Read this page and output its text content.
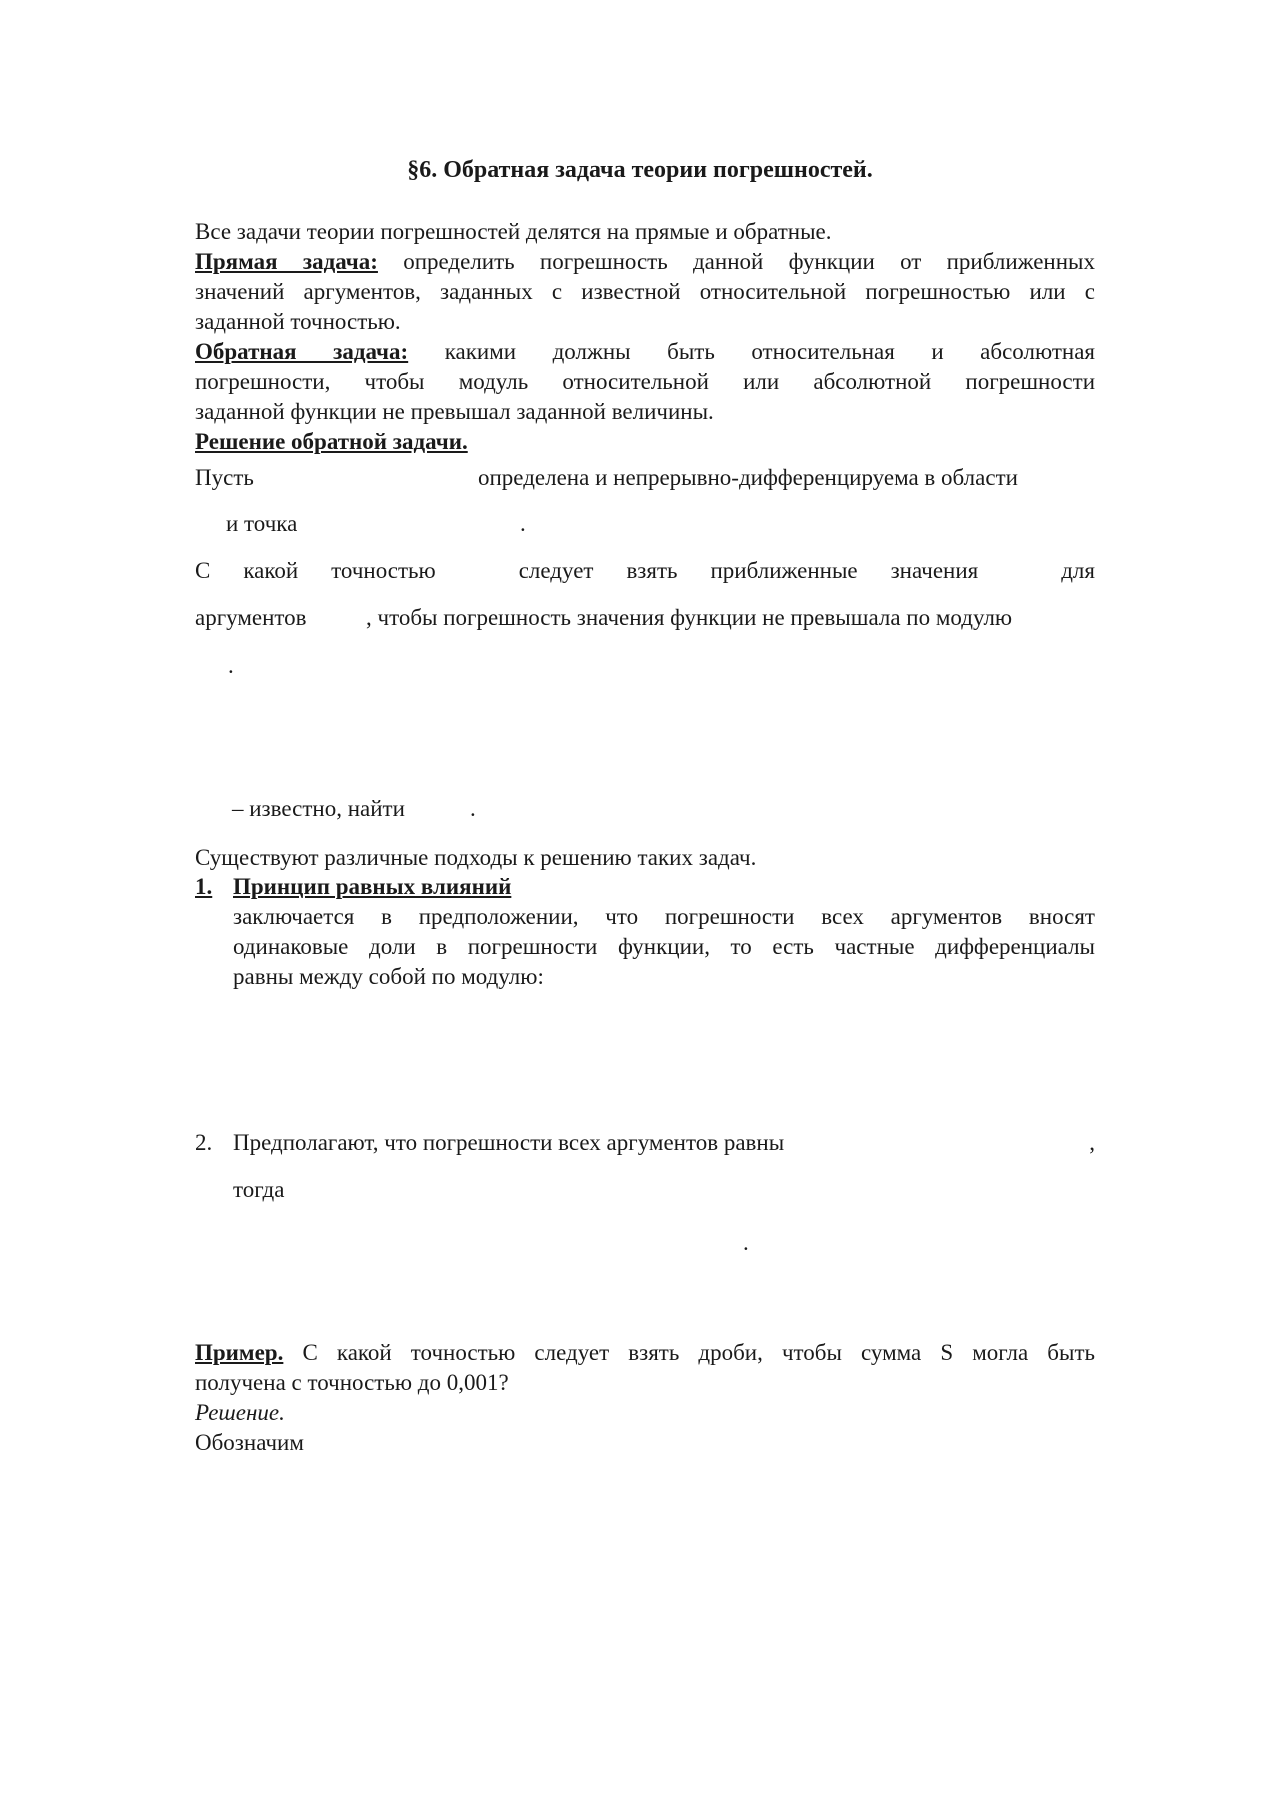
§6. Обратная задача теории погрешностей.
Все задачи теории погрешностей делятся на прямые и обратные.
Прямая задача: определить погрешность данной функции от приближенных
значений аргументов, заданных с известной относительной погрешностью или с
заданной точностью.
Обратная задача: какими должны быть относительная и абсолютная
погрешности, чтобы модуль относительной или абсолютной погрешности
заданной функции не превышал заданной величины.
Решение обратной задачи.
Пусть	определена и непрерывно-дифференцируема в области
и точка	.
С какой точностью	следует взять приближенные значения	для
аргументов	, чтобы погрешность значения функции не превышала по модулю
.
– известно, найти	.
Существуют различные подходы к решению таких задач.
1. Принцип равных влияний
заключается в предположении, что погрешности всех аргументов вносят
одинаковые доли в погрешности функции, то есть частные дифференциалы
равны между собой по модулю:
2. Предполагают, что погрешности всех аргументов равны	,
тогда
.
Пример. С какой точностью следует взять дроби, чтобы сумма S могла быть
получена с точностью до 0,001?
Решение.
Обозначим
